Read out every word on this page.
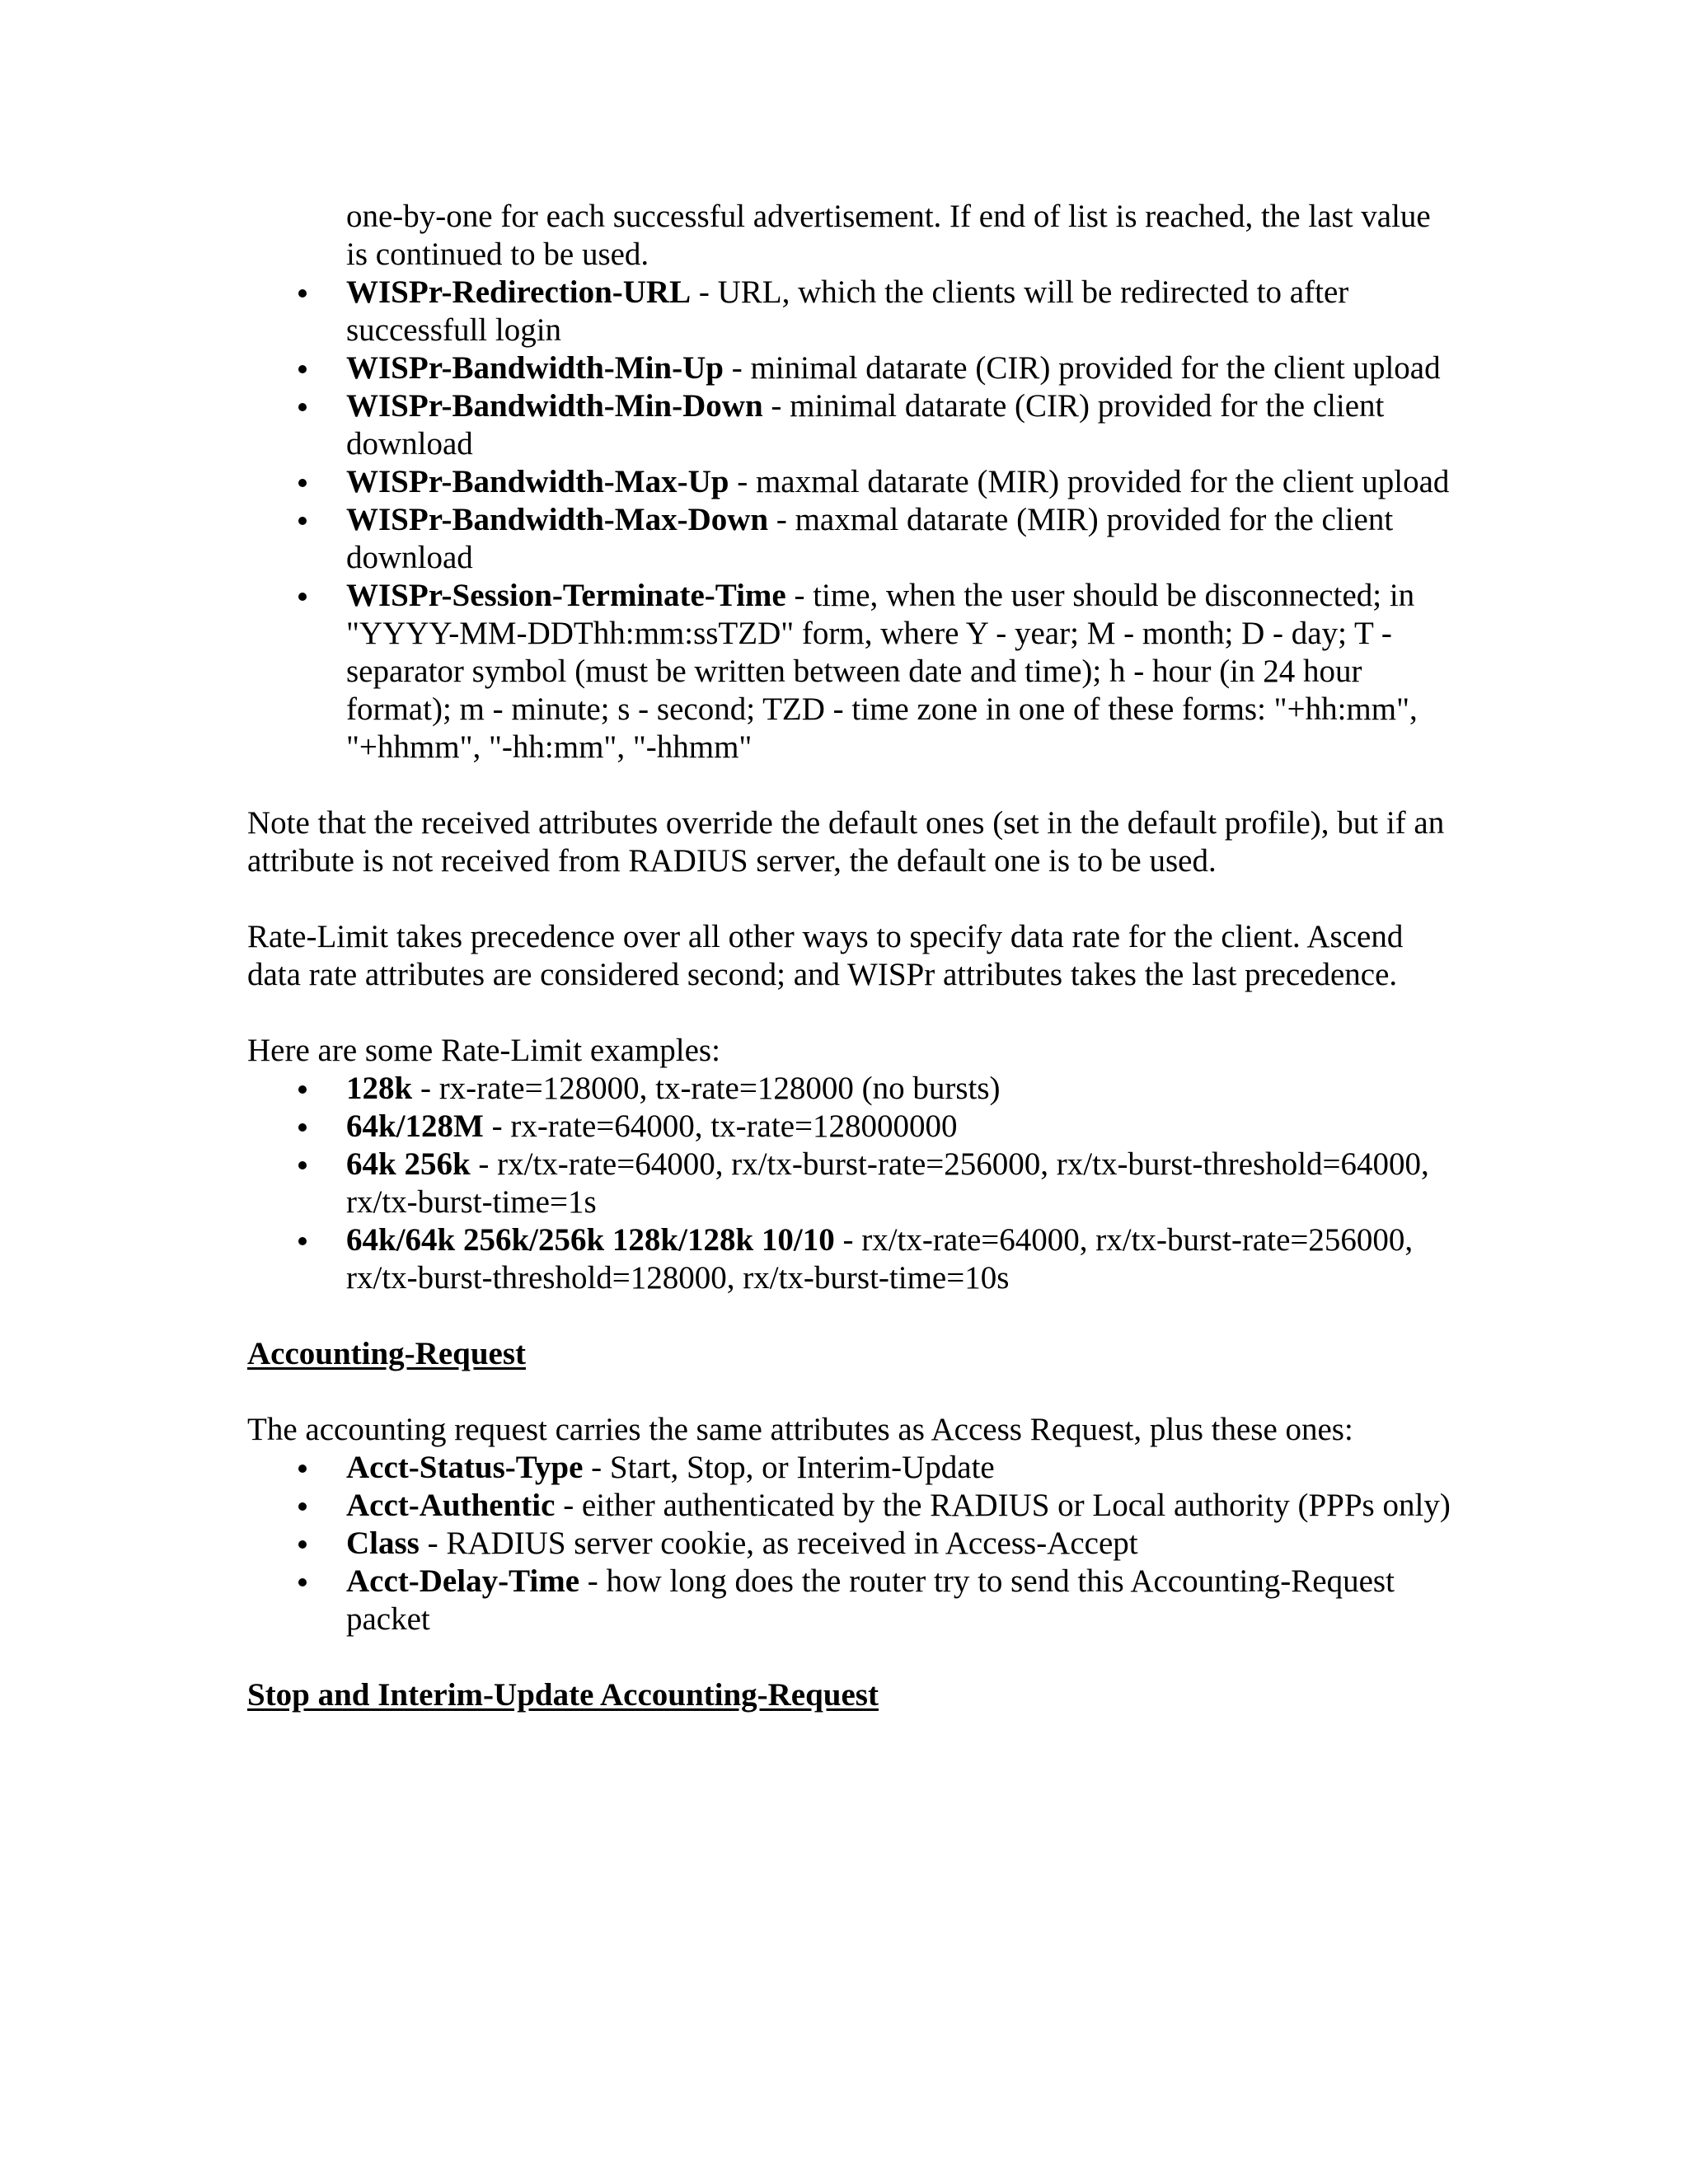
one-by-one for each successful advertisement. If end of list is reached, the last value is continued to be used.

WISPr-Redirection-URL - URL, which the clients will be redirected to after successfull login
WISPr-Bandwidth-Min-Up - minimal datarate (CIR) provided for the client upload
WISPr-Bandwidth-Min-Down - minimal datarate (CIR) provided for the client download
WISPr-Bandwidth-Max-Up - maxmal datarate (MIR) provided for the client upload
WISPr-Bandwidth-Max-Down - maxmal datarate (MIR) provided for the client download
WISPr-Session-Terminate-Time - time, when the user should be disconnected; in "YYYY-MM-DDThh:mm:ssTZD" form, where Y - year; M - month; D - day; T - separator symbol (must be written between date and time); h - hour (in 24 hour format); m - minute; s - second; TZD - time zone in one of these forms: "+hh:mm", "+hhmm", "-hh:mm", "-hhmm"

Note that the received attributes override the default ones (set in the default profile), but if an attribute is not received from RADIUS server, the default one is to be used.

Rate-Limit takes precedence over all other ways to specify data rate for the client. Ascend data rate attributes are considered second; and WISPr attributes takes the last precedence.

Here are some Rate-Limit examples:

128k - rx-rate=128000, tx-rate=128000 (no bursts)
64k/128M - rx-rate=64000, tx-rate=128000000
64k 256k - rx/tx-rate=64000, rx/tx-burst-rate=256000, rx/tx-burst-threshold=64000, rx/tx-burst-time=1s
64k/64k 256k/256k 128k/128k 10/10 - rx/tx-rate=64000, rx/tx-burst-rate=256000, rx/tx-burst-threshold=128000, rx/tx-burst-time=10s
Accounting-Request

The accounting request carries the same attributes as Access Request, plus these ones:

Acct-Status-Type - Start, Stop, or Interim-Update
Acct-Authentic - either authenticated by the RADIUS or Local authority (PPPs only)
Class - RADIUS server cookie, as received in Access-Accept
Acct-Delay-Time - how long does the router try to send this Accounting-Request packet
Stop and Interim-Update Accounting-Request
